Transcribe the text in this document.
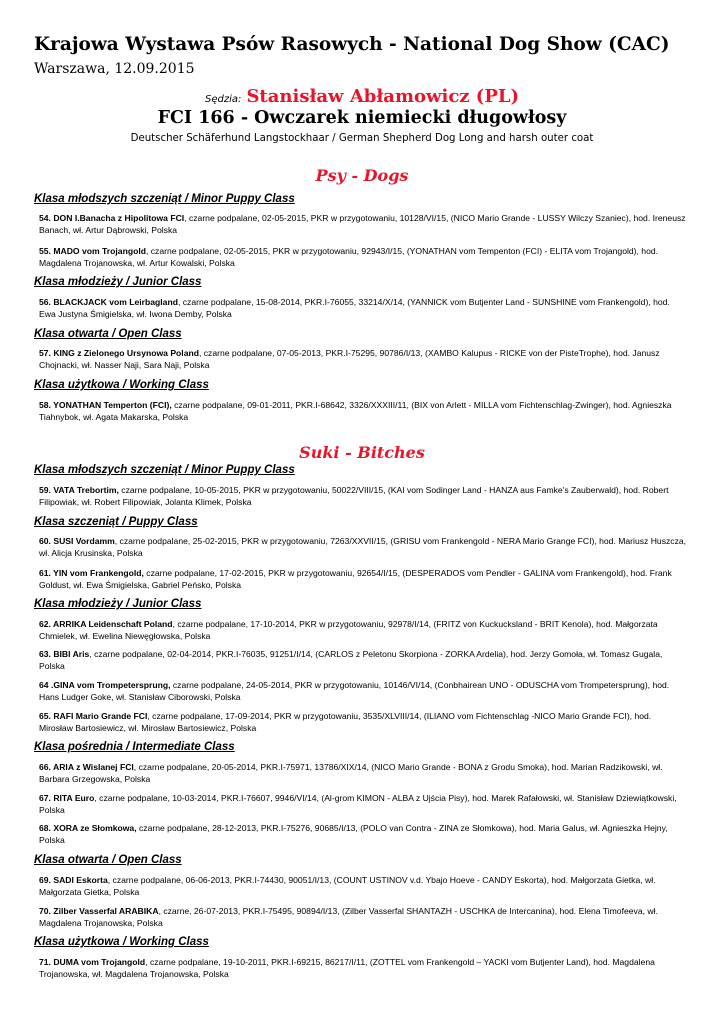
Krajowa Wystawa Psów Rasowych - National Dog Show (CAC)
Warszawa, 12.09.2015
Sędzia: Stanisław Abłamowicz (PL)
FCI 166 - Owczarek niemiecki długowłosy
Deutscher Schäferhund Langstockhaar / German Shepherd Dog Long and harsh outer coat
Psy - Dogs
Klasa młodszych szczeniąt / Minor Puppy Class
54. DON I.Banacha z Hipolitowa FCI, czarne podpalane, 02-05-2015, PKR w przygotowaniu, 10128/VI/15, (NICO Mario Grande - LUSSY Wilczy Szaniec), hod. Ireneusz Banach, wł. Artur Dąbrowski, Polska
55. MADO vom Trojangold, czarne podpalane, 02-05-2015, PKR w przygotowaniu, 92943/I/15, (YONATHAN vom Tempenton (FCI) - ELITA vom Trojangold), hod. Magdalena Trojanowska, wł. Artur Kowalski, Polska
Klasa młodzieży / Junior Class
56. BLACKJACK vom Leirbagland, czarne podpalane, 15-08-2014, PKR.I-76055, 33214/X/14, (YANNICK vom Butjenter Land - SUNSHINE vom Frankengold), hod. Ewa Justyna Śmigielska, wł. Iwona Demby, Polska
Klasa otwarta / Open Class
57. KING z Zielonego Ursynowa Poland, czarne podpalane, 07-05-2013, PKR.I-75295, 90786/I/13, (XAMBO Kalupus - RICKE von der PisteTrophe), hod. Janusz Chojnacki, wł. Nasser Naji, Sara Naji, Polska
Klasa użytkowa / Working Class
58. YONATHAN Temperton (FCI), czarne podpalane, 09-01-2011, PKR.I-68642, 3326/XXXIII/11, (BIX von Arlett - MILLA vom Fichtenschlag-Zwinger), hod. Agnieszka Tiahnybok, wł. Agata Makarska, Polska
Suki - Bitches
Klasa młodszych szczeniąt / Minor Puppy Class
59. VATA Trebortim, czarne podpalane, 10-05-2015, PKR w przygotowaniu, 50022/VIII/15, (KAI vom Sodinger Land - HANZA aus Famke's Zauberwald), hod. Robert Filipowiak, wł. Robert Filipowiak, Jolanta Klimek, Polska
Klasa szczeniąt / Puppy Class
60. SUSI Vordamm, czarne podpalane, 25-02-2015, PKR w przygotowaniu, 7263/XXVII/15, (GRISU vom Frankengold - NERA Mario Grange FCI), hod. Mariusz Huszcza, wł. Alicja Krusinska, Polska
61. YIN vom Frankengold, czarne podpalane, 17-02-2015, PKR w przygotowaniu, 92654/I/15, (DESPERADOS vom Pendler - GALINA vom Frankengold), hod. Frank Goldust, wł. Ewa Śmigielska, Gabriel Peńsko, Polska
Klasa młodzieży / Junior Class
62. ARRIKA Leidenschaft Poland, czarne podpalane, 17-10-2014, PKR w przygotowaniu, 92978/I/14, (FRITZ von Kuckucksland - BRIT Kenola), hod. Małgorzata Chmielek, wł. Ewelina Niewęgłowska, Polska
63. BIBI Aris, czarne podpalane, 02-04-2014, PKR.I-76035, 91251/I/14, (CARLOS z Peletonu Skorpiona - ZORKA Ardelia), hod. Jerzy Gomoła, wł. Tomasz Gugala, Polska
64 .GINA vom Trompetersprung, czarne podpalane, 24-05-2014, PKR w przygotowaniu, 10146/VI/14, (Conbhairean UNO - ODUSCHA vom Trompetersprung), hod. Hans Ludger Goke, wł. Stanisław Ciborowski, Polska
65. RAFI Mario Grande FCI, czarne podpalane, 17-09-2014, PKR w przygotowaniu, 3535/XLVIII/14, (ILIANO vom Fichtenschlag -NICO Mario Grande FCI), hod. Mirosław Bartosiewicz, wł. Mirosław Bartosiewicz, Polska
Klasa pośrednia / Intermediate Class
66. ARIA z Wislanej FCI, czarne podpalane, 20-05-2014, PKR.I-75971, 13786/XIX/14, (NICO Mario Grande - BONA z Grodu Smoka), hod. Marian Radzikowski, wł. Barbara Grzegowska, Polska
67. RITA Euro, czarne podpalane, 10-03-2014, PKR.I-76607, 9946/VI/14, (Al-grom KIMON - ALBA z Ujścia Pisy), hod. Marek Rafałowski, wł. Stanisław Dziewiątkowski, Polska
68. XORA ze Słomkowa, czarne podpalane, 28-12-2013, PKR.I-75276, 90685/I/13, (POLO van Contra - ZINA ze Słomkowa), hod. Maria Galus, wł. Agnieszka Hejny, Polska
Klasa otwarta / Open Class
69. SADI Eskorta, czarne podpalane, 06-06-2013, PKR.I-74430, 90051/I/13, (COUNT USTINOV v.d. Ybajo Hoeve - CANDY Eskorta), hod. Małgorzata Gietka, wł. Małgorzata Gietka, Polska
70. Zilber Vasserfal ARABIKA, czarne, 26-07-2013, PKR.I-75495, 90894/I/13, (Zilber Vasserfal SHANTAZH - USCHKA de Intercanina), hod. Elena Timofeeva, wł. Magdalena Trojanowska, Polska
Klasa użytkowa / Working Class
71. DUMA vom Trojangold, czarne podpalane, 19-10-2011, PKR.I-69215, 86217/I/11, (ZOTTEL vom Frankengold – YACKI vom Butjenter Land), hod. Magdalena Trojanowska, wł. Magdalena Trojanowska, Polska
